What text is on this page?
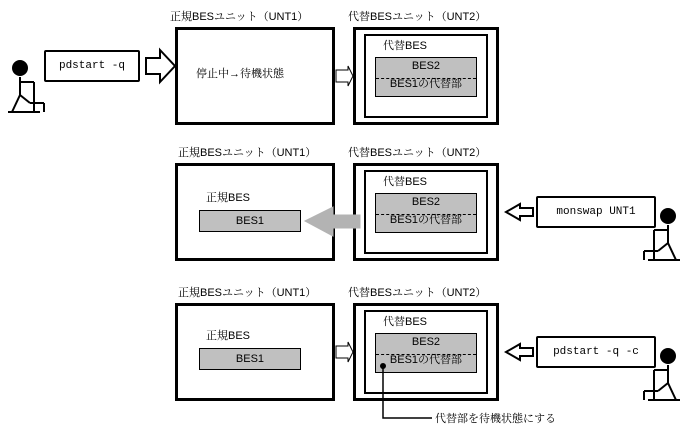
正規BESユニット（UNT1）	代替BESユニット（UNT2）
停止中→待機状態
代替BES
BES2
BES1の代替部
pdstart -q
正規BESユニット（UNT1）	代替BESユニット（UNT2）
正規BES
BES1
代替BES
BES2
BES1の代替部
monswap UNT1
正規BESユニット（UNT1）	代替BESユニット（UNT2）
正規BES
BES1
代替BES
BES2
BES1の代替部
pdstart -q -c
代替部を待機状態にする
